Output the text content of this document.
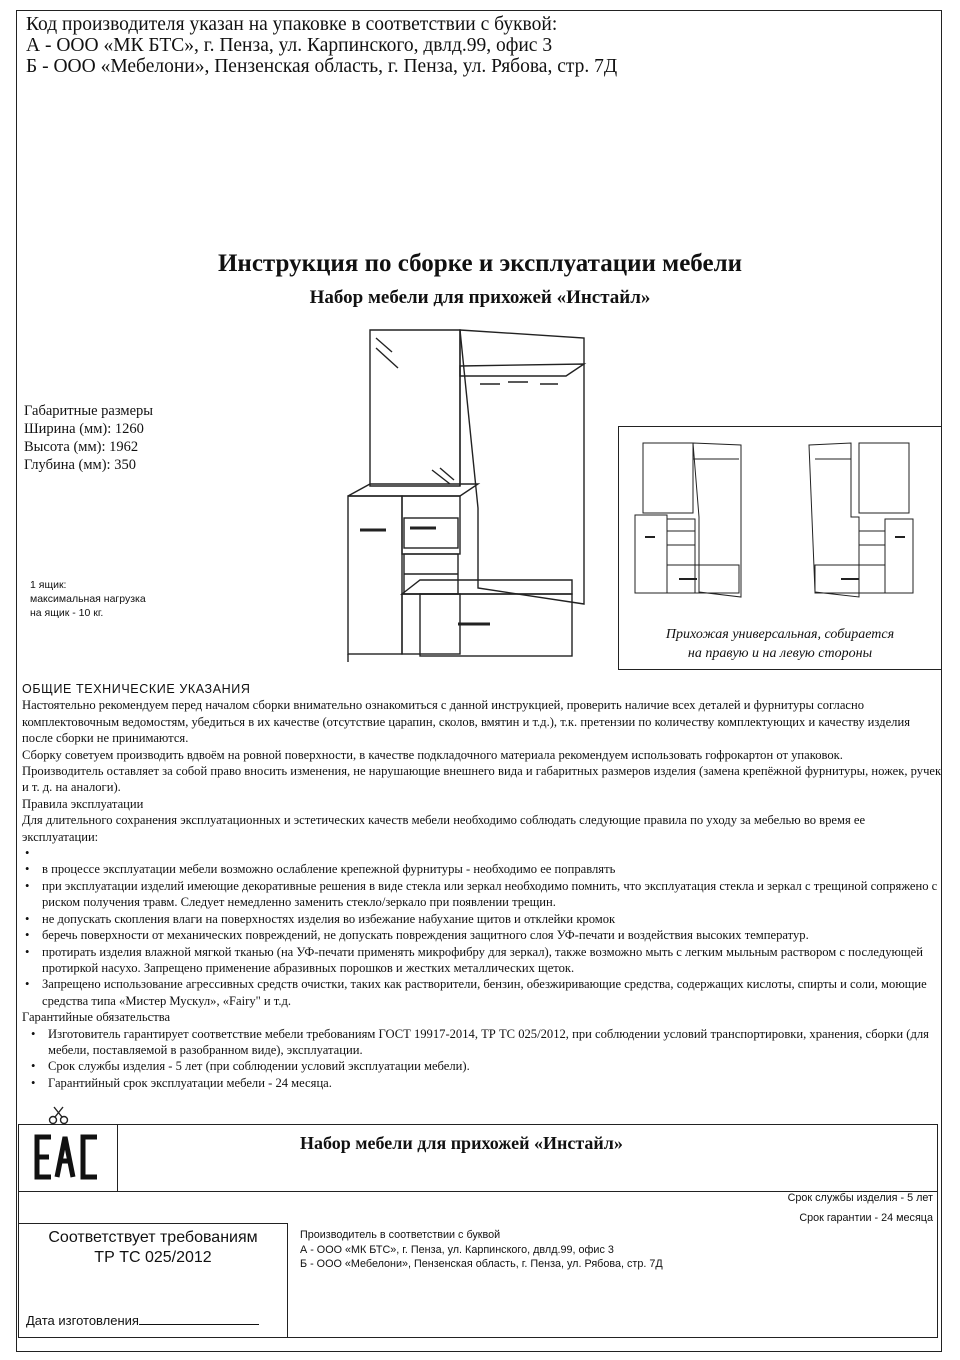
Код производителя указан на упаковке в соответствии с буквой:
А - ООО «МК БТС», г. Пенза, ул. Карпинского, двлд.99, офис 3
Б - ООО «Мебелони», Пензенская область, г. Пенза, ул. Рябова, стр. 7Д
Инструкция по сборке и эксплуатации мебели
Набор мебели для прихожей «Инстайл»
Габаритные размеры
Ширина (мм): 1260
Высота (мм): 1962
Глубина (мм): 350
1 ящик:
максимальная нагрузка
на ящик - 10 кг.
Прихожая универсальная, собирается
на правую и на левую стороны

ОБЩИЕ ТЕХНИЧЕСКИЕ УКАЗАНИЯ

Настоятельно рекомендуем перед началом сборки внимательно ознакомиться с данной инструкцией, проверить наличие всех деталей и фурнитуры согласно комплектовочным ведомостям, убедиться в их качестве (отсутствие царапин, сколов, вмятин и т.д.), т.к. претензии по количеству комплектующих и качеству изделия после сборки не принимаются.

Сборку советуем производить вдвоём на ровной поверхности, в качестве подкладочного материала рекомендуем использовать гофрокартон от упаковок.

Производитель оставляет за собой право вносить изменения, не нарушающие внешнего вида и габаритных размеров изделия (замена крепёжной фурнитуры, ножек, ручек и т. д. на аналоги).

Правила эксплуатации

Для длительного сохранения эксплуатационных и эстетических качеств мебели необходимо соблюдать следующие правила по уходу за мебелью во время ее эксплуатации:

•
• в процессе эксплуатации мебели возможно ослабление крепежной фурнитуры - необходимо ее поправлять
• при эксплуатации изделий имеющие декоративные решения в виде стекла или зеркал необходимо помнить, что эксплуатация стекла и зеркал с трещиной сопряжено с риском получения травм. Следует немедленно заменить стекло/зеркало при появлении трещин.
• не допускать скопления влаги на поверхностях изделия во избежание набухание щитов и отклейки кромок
• беречь поверхности от механических повреждений, не допускать повреждения защитного слоя УФ-печати и воздействия высоких температур.
• протирать изделия влажной мягкой тканью (на УФ-печати применять микрофибру для зеркал), также возможно мыть с легким мыльным раствором с последующей протиркой насухо. Запрещено применение абразивных порошков и жестких металлических щеток.
• Запрещено использование агрессивных средств очистки, таких как растворители, бензин, обезжиривающие средства, содержащих кислоты, спирты и соли, моющие средства типа «Мистер Мускул», «Fairy" и т.д.

Гарантийные обязательства

• Изготовитель гарантирует соответствие мебели требованиям ГОСТ 19917-2014, ТР ТС 025/2012, при соблюдении условий транспортировки, хранения, сборки (для мебели, поставляемой в разобранном виде), эксплуатации.
• Срок службы изделия - 5 лет (при соблюдении условий эксплуатации мебели).
• Гарантийный срок эксплуатации мебели - 24 месяца.
Набор мебели для прихожей «Инстайл»
Срок службы изделия - 5 лет
Срок гарантии - 24 месяца
Соответствует требованиям
ТР ТС 025/2012
Производитель в соответствии с буквой
А - ООО «МК БТС», г. Пенза, ул. Карпинского, двлд.99, офис 3
Б - ООО «Мебелони», Пензенская область, г. Пенза, ул. Рябова, стр. 7Д
Дата изготовления
